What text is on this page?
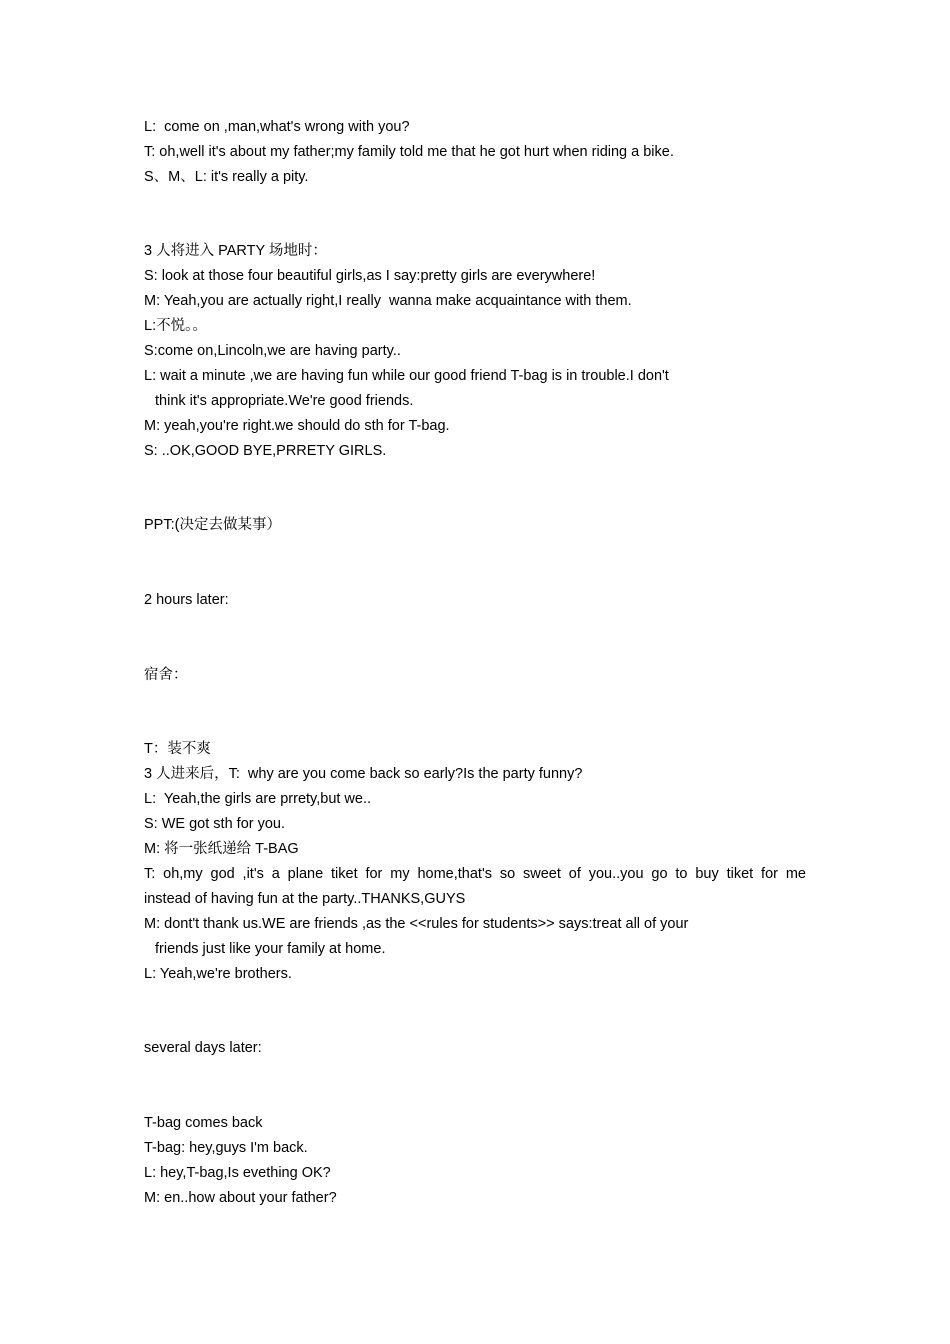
L:  come on ,man,what's wrong with you?
T: oh,well it's about my father;my family told me that he got hurt when riding a bike.
S、M、L: it's really a pity.
3 人将进入 PARTY 场地时：
S: look at those four beautiful girls,as I say:pretty girls are everywhere!
M: Yeah,you are actually right,I really  wanna make acquaintance with them.
L:不悦。。
S:come on,Lincoln,we are having party..
L: wait a minute ,we are having fun while our good friend T-bag is in trouble.I don't
think it's appropriate.We're good friends.
M: yeah,you're right.we should do sth for T-bag.
S: ..OK,GOOD BYE,PRRETY GIRLS.
PPT:(决定去做某事）
2 hours later:
宿舍：
T：装不爽
3 人进来后，T:  why are you come back so early?Is the party funny?
L:  Yeah,the girls are prrety,but we..
S: WE got sth for you.
M: 将一张纸递给 T-BAG
T: oh,my god ,it's a plane tiket for my home,that's so sweet of you..you go to buy tiket for me
instead of having fun at the party..THANKS,GUYS
M: dont't thank us.WE are friends ,as the <<rules for students>> says:treat all of your
friends just like your family at home.
L: Yeah,we're brothers.
several days later:
T-bag comes back
T-bag: hey,guys I'm back.
L: hey,T-bag,Is evething OK?
M: en..how about your father?
